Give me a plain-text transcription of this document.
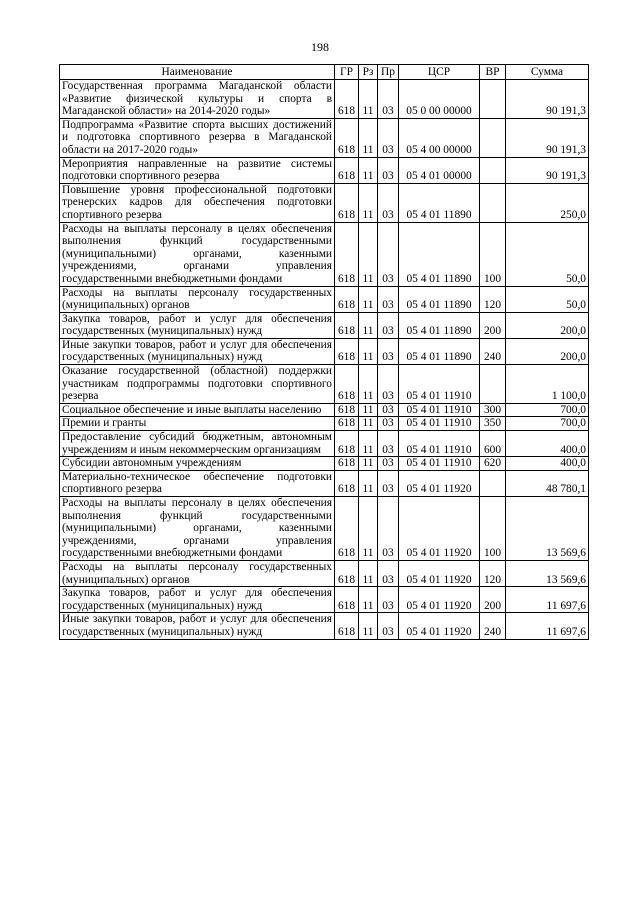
198
Наименование	ГР	Рз	Пр	ЦСР	ВР	Сумма
Государственная программа Магаданской области «Развитие физической культуры и спорта в Магаданской области» на 2014-2020 годы»	618	11	03	05 0 00 00000		90 191,3
Подпрограмма «Развитие спорта высших достижений и подготовка спортивного резерва в Магаданской области на 2017-2020 годы»	618	11	03	05 4 00 00000		90 191,3
Мероприятия направленные на развитие системы подготовки спортивного резерва	618	11	03	05 4 01 00000		90 191,3
Повышение уровня профессиональной подготовки тренерских кадров для обеспечения подготовки спортивного резерва	618	11	03	05 4 01 11890		250,0
Расходы на выплаты персоналу в целях обеспечения выполнения функций государственными (муниципальными) органами, казенными учреждениями, органами управления государственными внебюджетными фондами	618	11	03	05 4 01 11890	100	50,0
Расходы на выплаты персоналу государственных (муниципальных) органов	618	11	03	05 4 01 11890	120	50,0
Закупка товаров, работ и услуг для обеспечения государственных (муниципальных) нужд	618	11	03	05 4 01 11890	200	200,0
Иные закупки товаров, работ и услуг для обеспечения государственных (муниципальных) нужд	618	11	03	05 4 01 11890	240	200,0
Оказание государственной (областной) поддержки участникам подпрограммы подготовки спортивного резерва	618	11	03	05 4 01 11910		1 100,0
Социальное обеспечение и иные выплаты населению	618	11	03	05 4 01 11910	300	700,0
Премии и гранты	618	11	03	05 4 01 11910	350	700,0
Предоставление субсидий бюджетным, автономным учреждениям и иным некоммерческим организациям	618	11	03	05 4 01 11910	600	400,0
Субсидии автономным учреждениям	618	11	03	05 4 01 11910	620	400,0
Материально-техническое обеспечение подготовки спортивного резерва	618	11	03	05 4 01 11920		48 780,1
Расходы на выплаты персоналу в целях обеспечения выполнения функций государственными (муниципальными) органами, казенными учреждениями, органами управления государственными внебюджетными фондами	618	11	03	05 4 01 11920	100	13 569,6
Расходы на выплаты персоналу государственных (муниципальных) органов	618	11	03	05 4 01 11920	120	13 569,6
Закупка товаров, работ и услуг для обеспечения государственных (муниципальных) нужд	618	11	03	05 4 01 11920	200	11 697,6
Иные закупки товаров, работ и услуг для обеспечения государственных (муниципальных) нужд	618	11	03	05 4 01 11920	240	11 697,6
